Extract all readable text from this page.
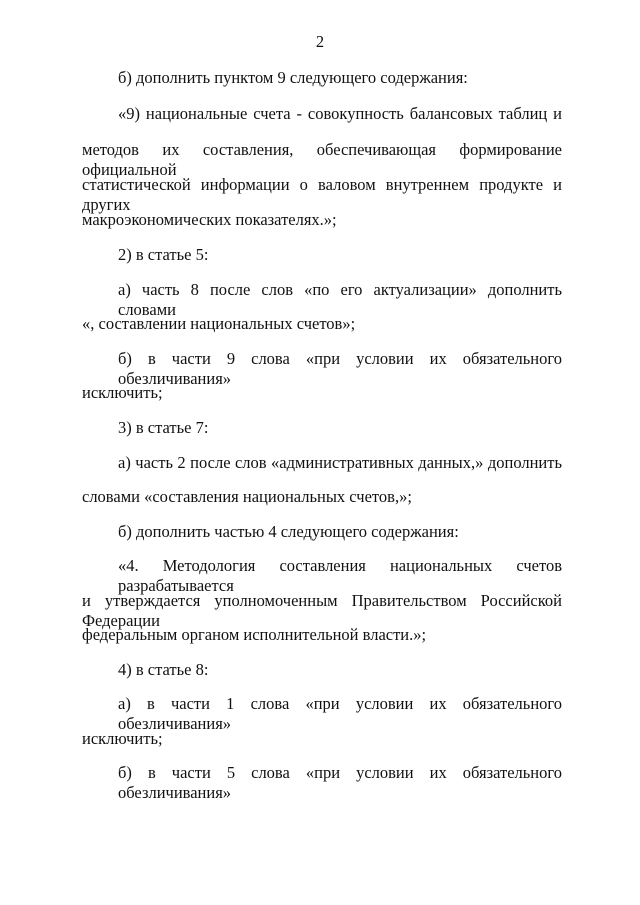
2
б) дополнить пунктом 9 следующего содержания:
«9) национальные счета - совокупность балансовых таблиц и
методов их составления, обеспечивающая формирование официальной
статистической информации о валовом внутреннем продукте и других
макроэкономических показателях.»;
2) в статье 5:
а) часть 8 после слов «по его актуализации» дополнить словами
«, составлении национальных счетов»;
б) в части 9 слова «при условии их обязательного обезличивания»
исключить;
3) в статье 7:
а) часть 2 после слов «административных данных,» дополнить
словами «составления национальных счетов,»;
б) дополнить частью 4 следующего содержания:
«4. Методология составления национальных счетов разрабатывается
и утверждается уполномоченным Правительством Российской Федерации
федеральным органом исполнительной власти.»;
4) в статье 8:
а) в части 1 слова «при условии их обязательного обезличивания»
исключить;
б) в части 5 слова «при условии их обязательного обезличивания»
